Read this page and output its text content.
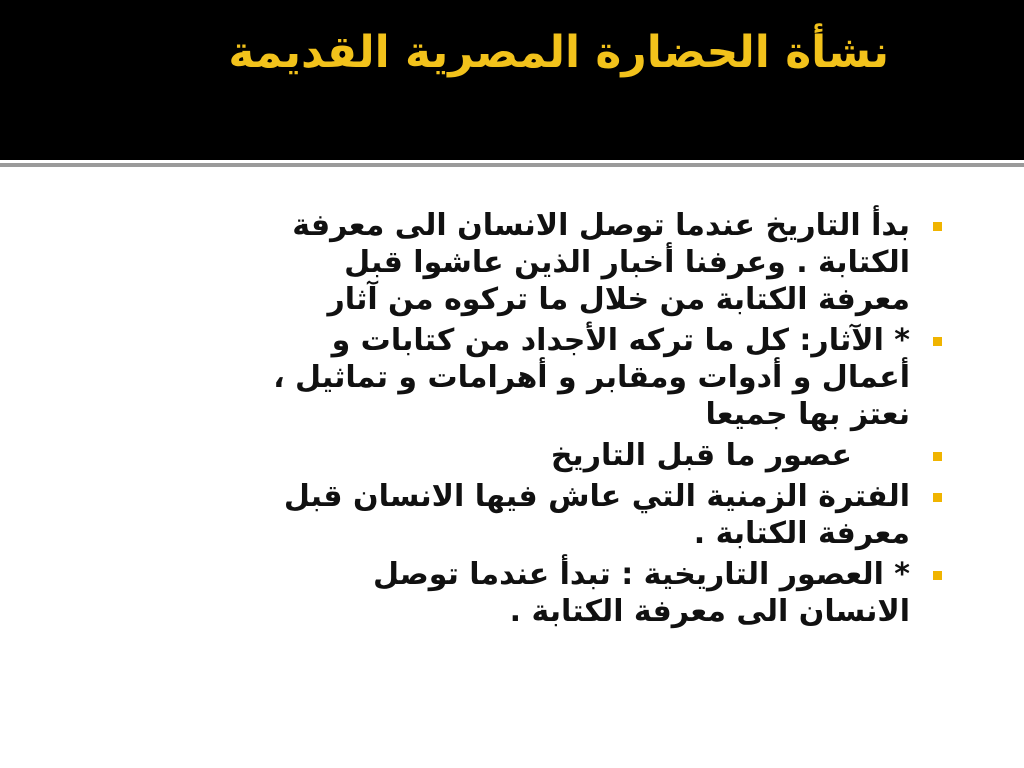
نشأة الحضارة المصرية القديمة
بدأ التاريخ عندما توصل الانسان الى معرفة
الكتابة . وعرفنا أخبار الذين عاشوا قبل
معرفة الكتابة من خلال ما تركوه من آثار
* الآثار: كل ما تركه الأجداد من كتابات و
أعمال و أدوات ومقابر و أهرامات و تماثيل ،
نعتز بها جميعا
عصور ما قبل التاريخ
الفترة الزمنية التي عاش فيها الانسان قبل
معرفة الكتابة .
* العصور التاريخية : تبدأ عندما توصل
الانسان الى معرفة الكتابة .
